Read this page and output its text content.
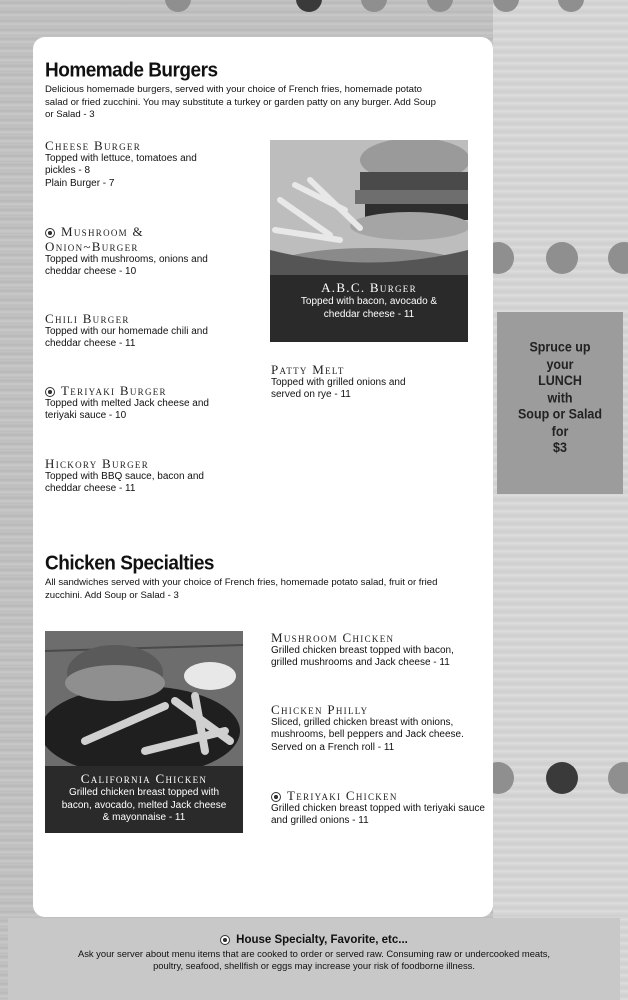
Homemade Burgers
Delicious homemade burgers, served with your choice of French fries, homemade potato salad or fried zucchini. You may substitute a turkey or garden patty on any burger. Add Soup or Salad - 3
Cheese Burger
Topped with lettuce, tomatoes and pickles - 8
Plain Burger - 7
Mushroom & Onion~Burger
Topped with mushrooms, onions and cheddar cheese - 10
Chili Burger
Topped with our homemade chili and cheddar cheese - 11
Teriyaki Burger
Topped with melted Jack cheese and teriyaki sauce - 10
Hickory Burger
Topped with BBQ sauce, bacon and cheddar cheese - 11
Patty Melt
Topped with grilled onions and served on rye - 11
A.B.C. Burger
Topped with bacon, avocado & cheddar cheese - 11
Chicken Specialties
All sandwiches served with your choice of French fries, homemade potato salad, fruit or fried zucchini. Add Soup or Salad - 3
California Chicken
Grilled chicken breast topped with bacon, avocado, melted Jack cheese & mayonnaise - 11
Mushroom Chicken
Grilled chicken breast topped with bacon, grilled mushrooms and Jack cheese - 11
Chicken Philly
Sliced, grilled chicken breast with onions, mushrooms, bell peppers and Jack cheese. Served on a French roll - 11
Teriyaki Chicken
Grilled chicken breast topped with teriyaki sauce and grilled onions - 11
Spruce up
your
LUNCH
with
Soup or Salad
for
$3
House Specialty, Favorite, etc...
Ask your server about menu items that are cooked to order or served raw. Consuming raw or undercooked meats, poultry, seafood, shellfish or eggs may increase your risk of foodborne illness.
